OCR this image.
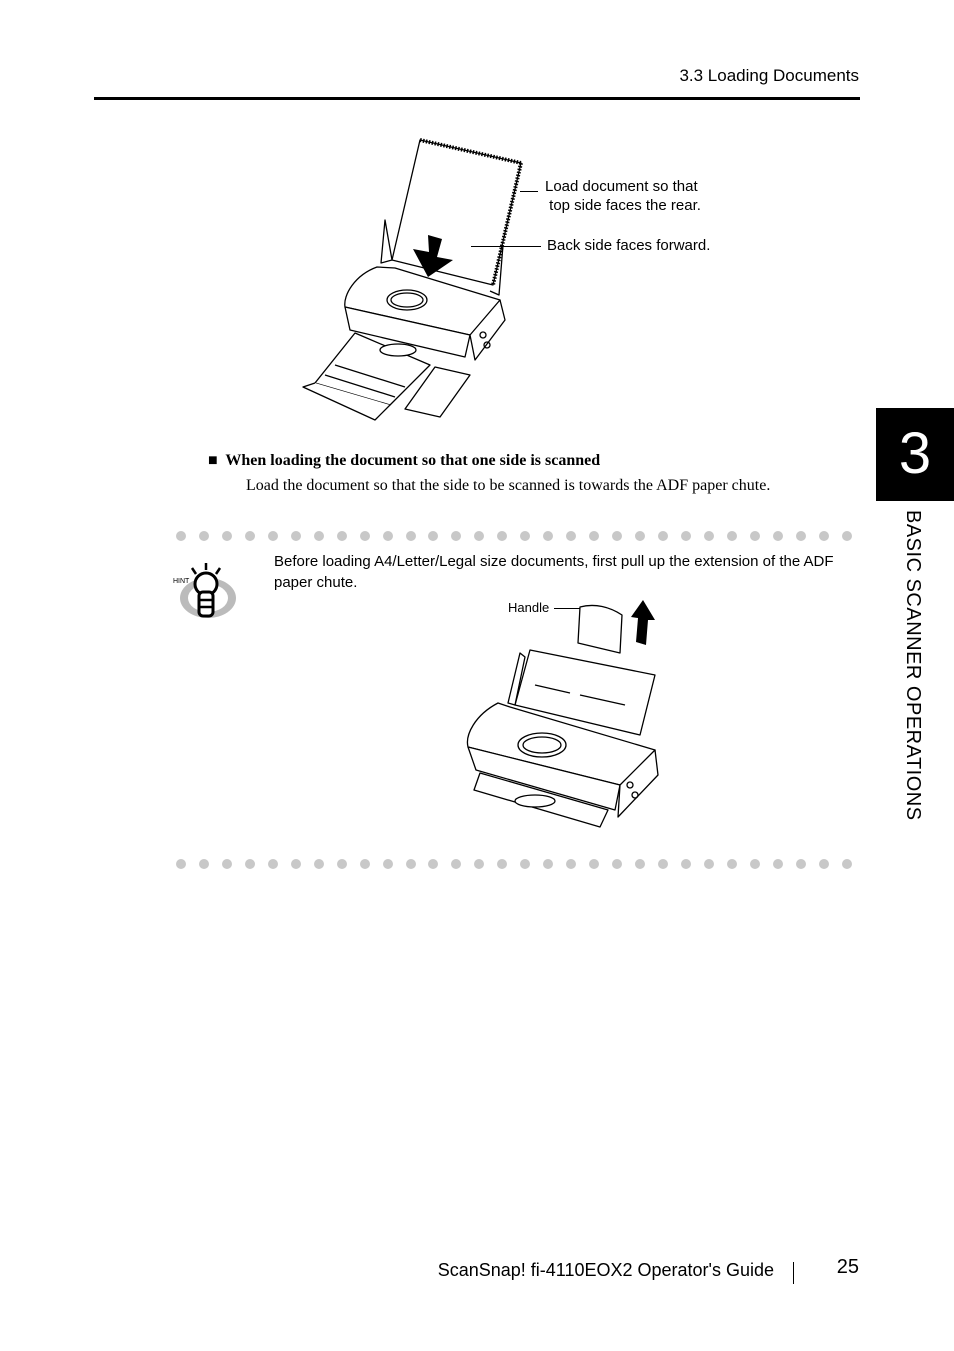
3.3 Loading Documents
3
BASIC SCANNER OPERATIONS
Load document so that
top side faces the rear.
Back side faces forward.
■ When loading the document so that one side is scanned
Load the document so that the side to be scanned is towards the ADF paper chute.
HINT
Before loading A4/Letter/Legal size documents, first pull up the extension of the ADF paper chute.
Handle
ScanSnap! fi-4110EOX2 Operator's Guide	25
